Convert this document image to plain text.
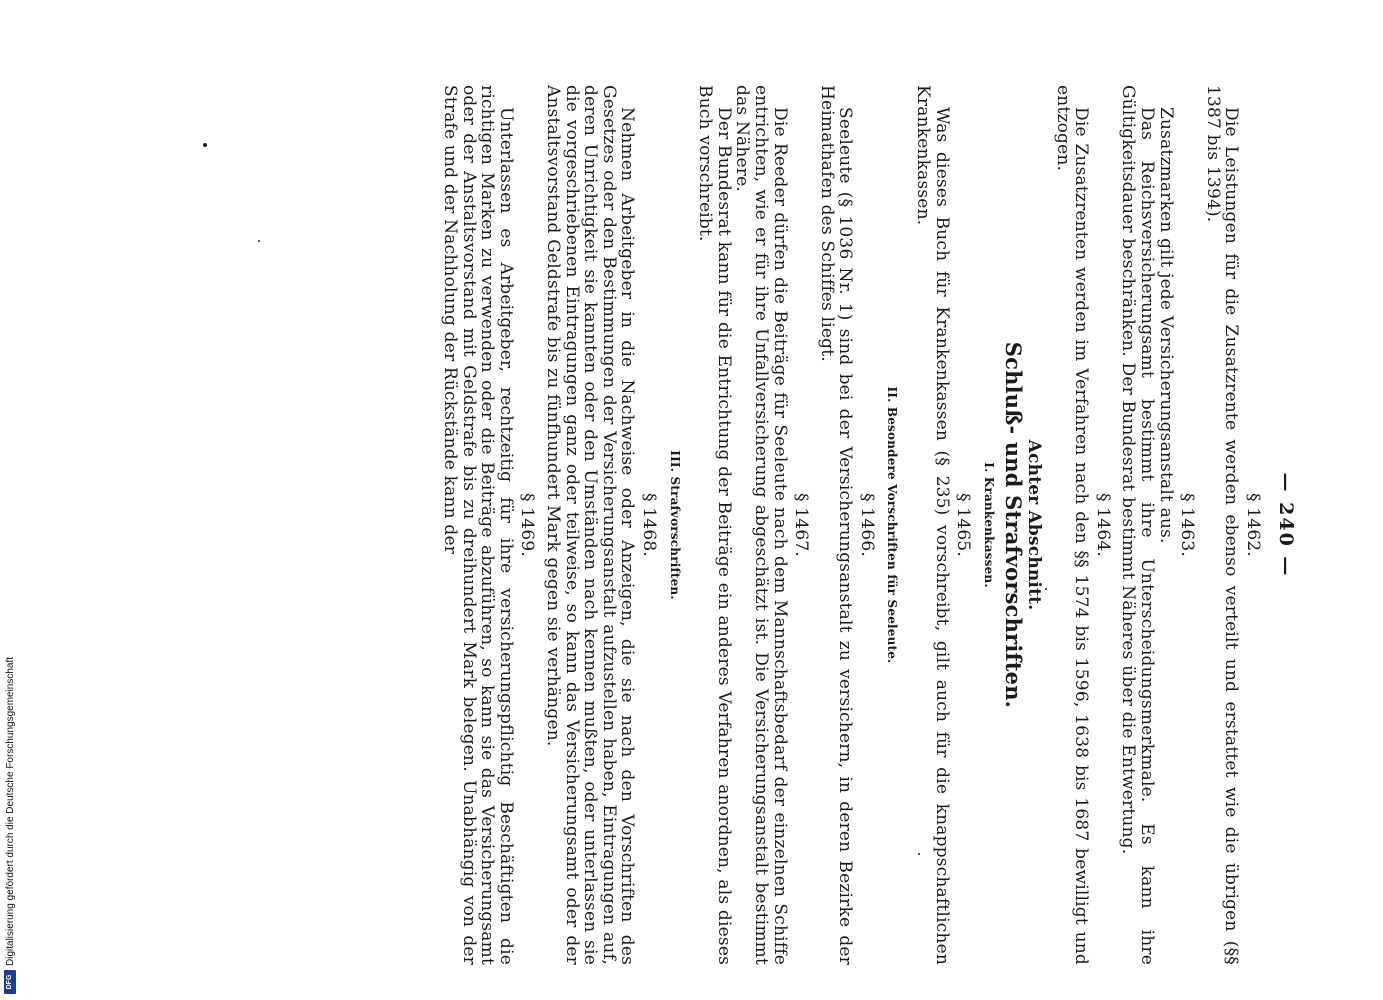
— 240 —
§ 1462.

Die Leistungen für die Zusatzrente werden ebenso verteilt und erstattet wie die übrigen (§§ 1387 bis 1394).

§ 1463.

Zusatzmarken gilt jede Versicherungsanstalt aus.

Das Reichsversicherungsamt bestimmt ihre Unterscheidungsmerkmale. Es kann ihre Gültigkeitsdauer beschränken. Der Bundesrat bestimmt Näheres über die Entwertung.

§ 1464.

Die Zusatzrenten werden im Verfahren nach den §§ 1574 bis 1596, 1638 bis 1687 bewilligt und entzogen.

Achter Abschnitt.
Schluß- und Strafvorschriften.
I. Krankenkassen.
§ 1465.

Was dieses Buch für Krankenkassen (§ 235) vorschreibt, gilt auch für die knappschaftlichen Krankenkassen.

II. Besondere Vorschriften für Seeleute.
§ 1466.

Seeleute (§ 1036 Nr. 1) sind bei der Versicherungsanstalt zu versichern, in deren Bezirke der Heimathafen des Schiffes liegt.

§ 1467.

Die Reeder dürfen die Beiträge für Seeleute nach dem Mannschaftsbedarf der einzelnen Schiffe entrichten, wie er für ihre Unfallversicherung abgeschätzt ist. Die Versicherungsanstalt bestimmt das Nähere.

Der Bundesrat kann für die Entrichtung der Beiträge ein anderes Verfahren anordnen, als dieses Buch vorschreibt.

III. Strafvorschriften.
§ 1468.

Nehmen Arbeitgeber in die Nachweise oder Anzeigen, die sie nach den Vorschriften des Gesetzes oder den Bestimmungen der Versicherungsanstalt aufzustellen haben, Eintragungen auf, deren Unrichtigkeit sie kannten oder den Umständen nach kennen mußten, oder unterlassen sie die vorgeschriebenen Eintragungen ganz oder teilweise, so kann das Versicherungsamt oder der Anstaltsvorstand Geldstrafe bis zu fünfhundert Mark gegen sie verhängen.

§ 1469.

Unterlassen es Arbeitgeber, rechtzeitig für ihre versicherungspflichtig Beschäftigten die richtigen Marken zu verwenden oder die Beiträge abzuführen, so kann sie das Versicherungsamt oder der Anstaltsvorstand mit Geldstrafe bis zu dreihundert Mark belegen. Unabhängig von der Strafe und der Nachholung der Rückstände kann der

DFG
Digitalisierung gefördert durch die Deutsche Forschungsgemeinschaft
